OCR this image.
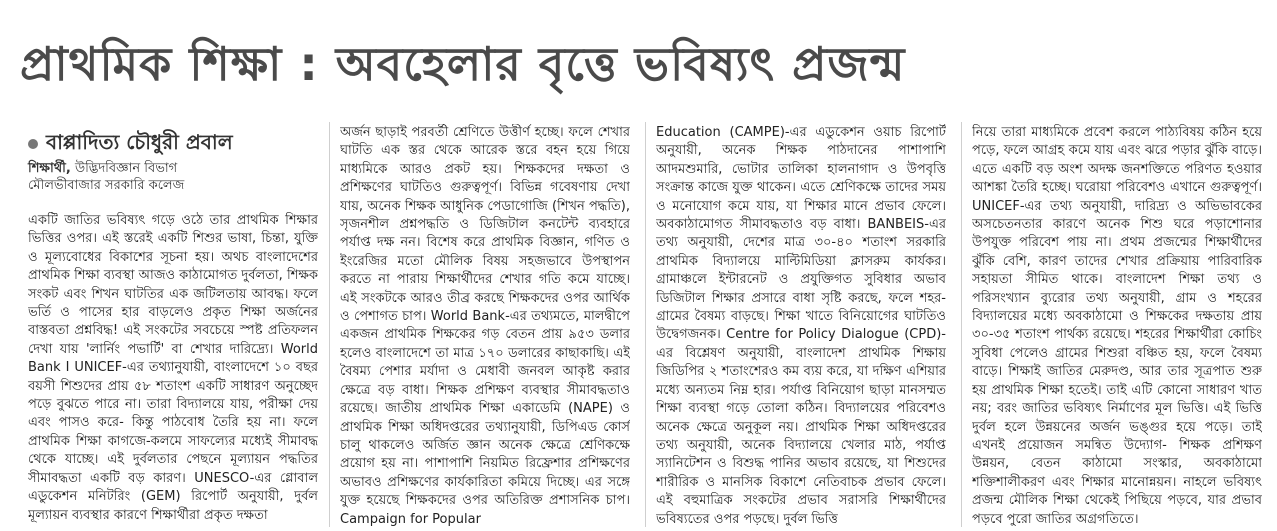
প্রাথমিক শিক্ষা : অবহেলার বৃত্তে ভবিষ্যৎ প্রজন্ম
বাপ্পাদিত্য চৌধুরী প্রবাল
শিক্ষার্থী, উদ্ভিদবিজ্ঞান বিভাগ
মৌলভীবাজার সরকারি কলেজ

একটি জাতির ভবিষ্যৎ গড়ে ওঠে তার প্রাথমিক শিক্ষার ভিত্তির ওপর। এই স্তরেই একটি শিশুর ভাষা, চিন্তা, যুক্তি ও মূল্যবোধের বিকাশের সূচনা হয়। অথচ বাংলাদেশের প্রাথমিক শিক্ষা ব্যবস্থা আজও কাঠামোগত দুর্বলতা, শিক্ষক সংকট এবং শিখন ঘাটতির এক জটিলতায় আবদ্ধ। ফলে ভর্তি ও পাসের হার বাড়লেও প্রকৃত শিক্ষা অর্জনের বাস্তবতা প্রশ্নবিদ্ধ! এই সংকটের সবচেয়ে স্পষ্ট প্রতিফলন দেখা যায় 'লার্নিং পভার্টি' বা শেখার দারিদ্র্যে। World Bank I UNICEF-এর তথ্যানুযায়ী, বাংলাদেশে ১০ বছর বয়সী শিশুদের প্রায় ৫৮ শতাংশ একটি সাধারণ অনুচ্ছেদ পড়ে বুঝতে পারে না। তারা বিদ্যালয়ে যায়, পরীক্ষা দেয় এবং পাসও করে- কিন্তু পাঠবোধ তৈরি হয় না। ফলে প্রাথমিক শিক্ষা কাগজে-কলমে সাফল্যের মধ্যেই সীমাবদ্ধ থেকে যাচ্ছে। এই দুর্বলতার পেছনে মূল্যায়ন পদ্ধতির সীমাবদ্ধতা একটি বড় কারণ। UNESCO-এর গ্লোবাল এডুকেশন মনিটরিং (GEM) রিপোর্ট অনুযায়ী, দুর্বল মূল্যায়ন ব্যবস্থার কারণে শিক্ষার্থীরা প্রকৃত দক্ষতা

অর্জন ছাড়াই পরবর্তী শ্রেণিতে উত্তীর্ণ হচ্ছে। ফলে শেখার ঘাটতি এক স্তর থেকে আরেক স্তরে বহন হয়ে গিয়ে মাধ্যমিকে আরও প্রকট হয়। শিক্ষকদের দক্ষতা ও প্রশিক্ষণের ঘাটতিও গুরুত্বপূর্ণ। বিভিন্ন গবেষণায় দেখা যায়, অনেক শিক্ষক আধুনিক পেডাগোজি (শিখন পদ্ধতি), সৃজনশীল প্রশ্নপদ্ধতি ও ডিজিটাল কনটেন্ট ব্যবহারে পর্যাপ্ত দক্ষ নন। বিশেষ করে প্রাথমিক বিজ্ঞান, গণিত ও ইংরেজির মতো মৌলিক বিষয় সহজভাবে উপস্থাপন করতে না পারায় শিক্ষার্থীদের শেখার গতি কমে যাচ্ছে। এই সংকটকে আরও তীব্র করছে শিক্ষকদের ওপর আর্থিক ও পেশাগত চাপ। World Bank-এর তথ্যমতে, মালদ্বীপে একজন প্রাথমিক শিক্ষকের গড় বেতন প্রায় ৯৫৩ ডলার হলেও বাংলাদেশে তা মাত্র ১৭০ ডলারের কাছাকাছি। এই বৈষম্য পেশার মর্যাদা ও মেধাবী জনবল আকৃষ্ট করার ক্ষেত্রে বড় বাধা। শিক্ষক প্রশিক্ষণ ব্যবস্থার সীমাবদ্ধতাও রয়েছে। জাতীয় প্রাথমিক শিক্ষা একাডেমি (NAPE) ও প্রাথমিক শিক্ষা অধিদপ্তরের তথ্যানুযায়ী, ডিপিএড কোর্স চালু থাকলেও অর্জিত জ্ঞান অনেক ক্ষেত্রে শ্রেণিকক্ষে প্রয়োগ হয় না। পাশাপাশি নিয়মিত রিফ্রেশার প্রশিক্ষণের অভাবও প্রশিক্ষণের কার্যকারিতা কমিয়ে দিচ্ছে। এর সঙ্গে যুক্ত হয়েছে শিক্ষকদের ওপর অতিরিক্ত প্রশাসনিক চাপ। Campaign for Popular

Education (CAMPE)-এর এডুকেশন ওয়াচ রিপোর্ট অনুযায়ী, অনেক শিক্ষক পাঠদানের পাশাপাশি আদমশুমারি, ভোটার তালিকা হালনাগাদ ও উপবৃত্তি সংক্রান্ত কাজে যুক্ত থাকেন। এতে শ্রেণিকক্ষে তাদের সময় ও মনোযোগ কমে যায়, যা শিক্ষার মানে প্রভাব ফেলে। অবকাঠামোগত সীমাবদ্ধতাও বড় বাধা। BANBEIS-এর তথ্য অনুযায়ী, দেশের মাত্র ৩০-৪০ শতাংশ সরকারি প্রাথমিক বিদ্যালয়ে মাল্টিমিডিয়া ক্লাসরুম কার্যকর। গ্রামাঞ্চলে ইন্টারনেট ও প্রযুক্তিগত সুবিধার অভাব ডিজিটাল শিক্ষার প্রসারে বাধা সৃষ্টি করছে, ফলে শহর-গ্রামের বৈষম্য বাড়ছে। শিক্ষা খাতে বিনিয়োগের ঘাটতিও উদ্বেগজনক। Centre for Policy Dialogue (CPD)-এর বিশ্লেষণ অনুযায়ী, বাংলাদেশ প্রাথমিক শিক্ষায় জিডিপির ২ শতাংশেরও কম ব্যয় করে, যা দক্ষিণ এশিয়ার মধ্যে অন্যতম নিম্ন হার। পর্যাপ্ত বিনিয়োগ ছাড়া মানসম্মত শিক্ষা ব্যবস্থা গড়ে তোলা কঠিন। বিদ্যালয়ের পরিবেশও অনেক ক্ষেত্রে অনুকূল নয়। প্রাথমিক শিক্ষা অধিদপ্তরের তথ্য অনুযায়ী, অনেক বিদ্যালয়ে খেলার মাঠ, পর্যাপ্ত স্যানিটেশন ও বিশুদ্ধ পানির অভাব রয়েছে, যা শিশুদের শারীরিক ও মানসিক বিকাশে নেতিবাচক প্রভাব ফেলে। এই বহুমাত্রিক সংকটের প্রভাব সরাসরি শিক্ষার্থীদের ভবিষ্যতের ওপর পড়ছে। দুর্বল ভিত্তি

নিয়ে তারা মাধ্যমিকে প্রবেশ করলে পাঠ্যবিষয় কঠিন হয়ে পড়ে, ফলে আগ্রহ কমে যায় এবং ঝরে পড়ার ঝুঁকি বাড়ে। এতে একটি বড় অংশ অদক্ষ জনশক্তিতে পরিণত হওয়ার আশঙ্কা তৈরি হচ্ছে। ঘরোয়া পরিবেশও এখানে গুরুত্বপূর্ণ। UNICEF-এর তথ্য অনুযায়ী, দারিদ্র্য ও অভিভাবকের অসচেতনতার কারণে অনেক শিশু ঘরে পড়াশোনার উপযুক্ত পরিবেশ পায় না। প্রথম প্রজন্মের শিক্ষার্থীদের ঝুঁকি বেশি, কারণ তাদের শেখার প্রক্রিয়ায় পারিবারিক সহায়তা সীমিত থাকে। বাংলাদেশ শিক্ষা তথ্য ও পরিসংখ্যান ব্যুরোর তথ্য অনুযায়ী, গ্রাম ও শহরের বিদ্যালয়ের মধ্যে অবকাঠামো ও শিক্ষকের দক্ষতায় প্রায় ৩০-৩৫ শতাংশ পার্থক্য রয়েছে। শহরের শিক্ষার্থীরা কোচিং সুবিধা পেলেও গ্রামের শিশুরা বঞ্চিত হয়, ফলে বৈষম্য বাড়ে। শিক্ষাই জাতির মেরুদণ্ড, আর তার সূত্রপাত শুরু হয় প্রাথমিক শিক্ষা হতেই। তাই এটি কোনো সাধারণ খাত নয়; বরং জাতির ভবিষ্যৎ নির্মাণের মূল ভিত্তি। এই ভিত্তি দুর্বল হলে উন্নয়নের অর্জন ভঙ্গুর হয়ে পড়ে। তাই এখনই প্রয়োজন সমন্বিত উদ্যোগ- শিক্ষক প্রশিক্ষণ উন্নয়ন, বেতন কাঠামো সংস্কার, অবকাঠামো শক্তিশালীকরণ এবং শিক্ষার মানোন্নয়ন। নাহলে ভবিষ্যৎ প্রজন্ম মৌলিক শিক্ষা থেকেই পিছিয়ে পড়বে, যার প্রভাব পড়বে পুরো জাতির অগ্রগতিতে।
